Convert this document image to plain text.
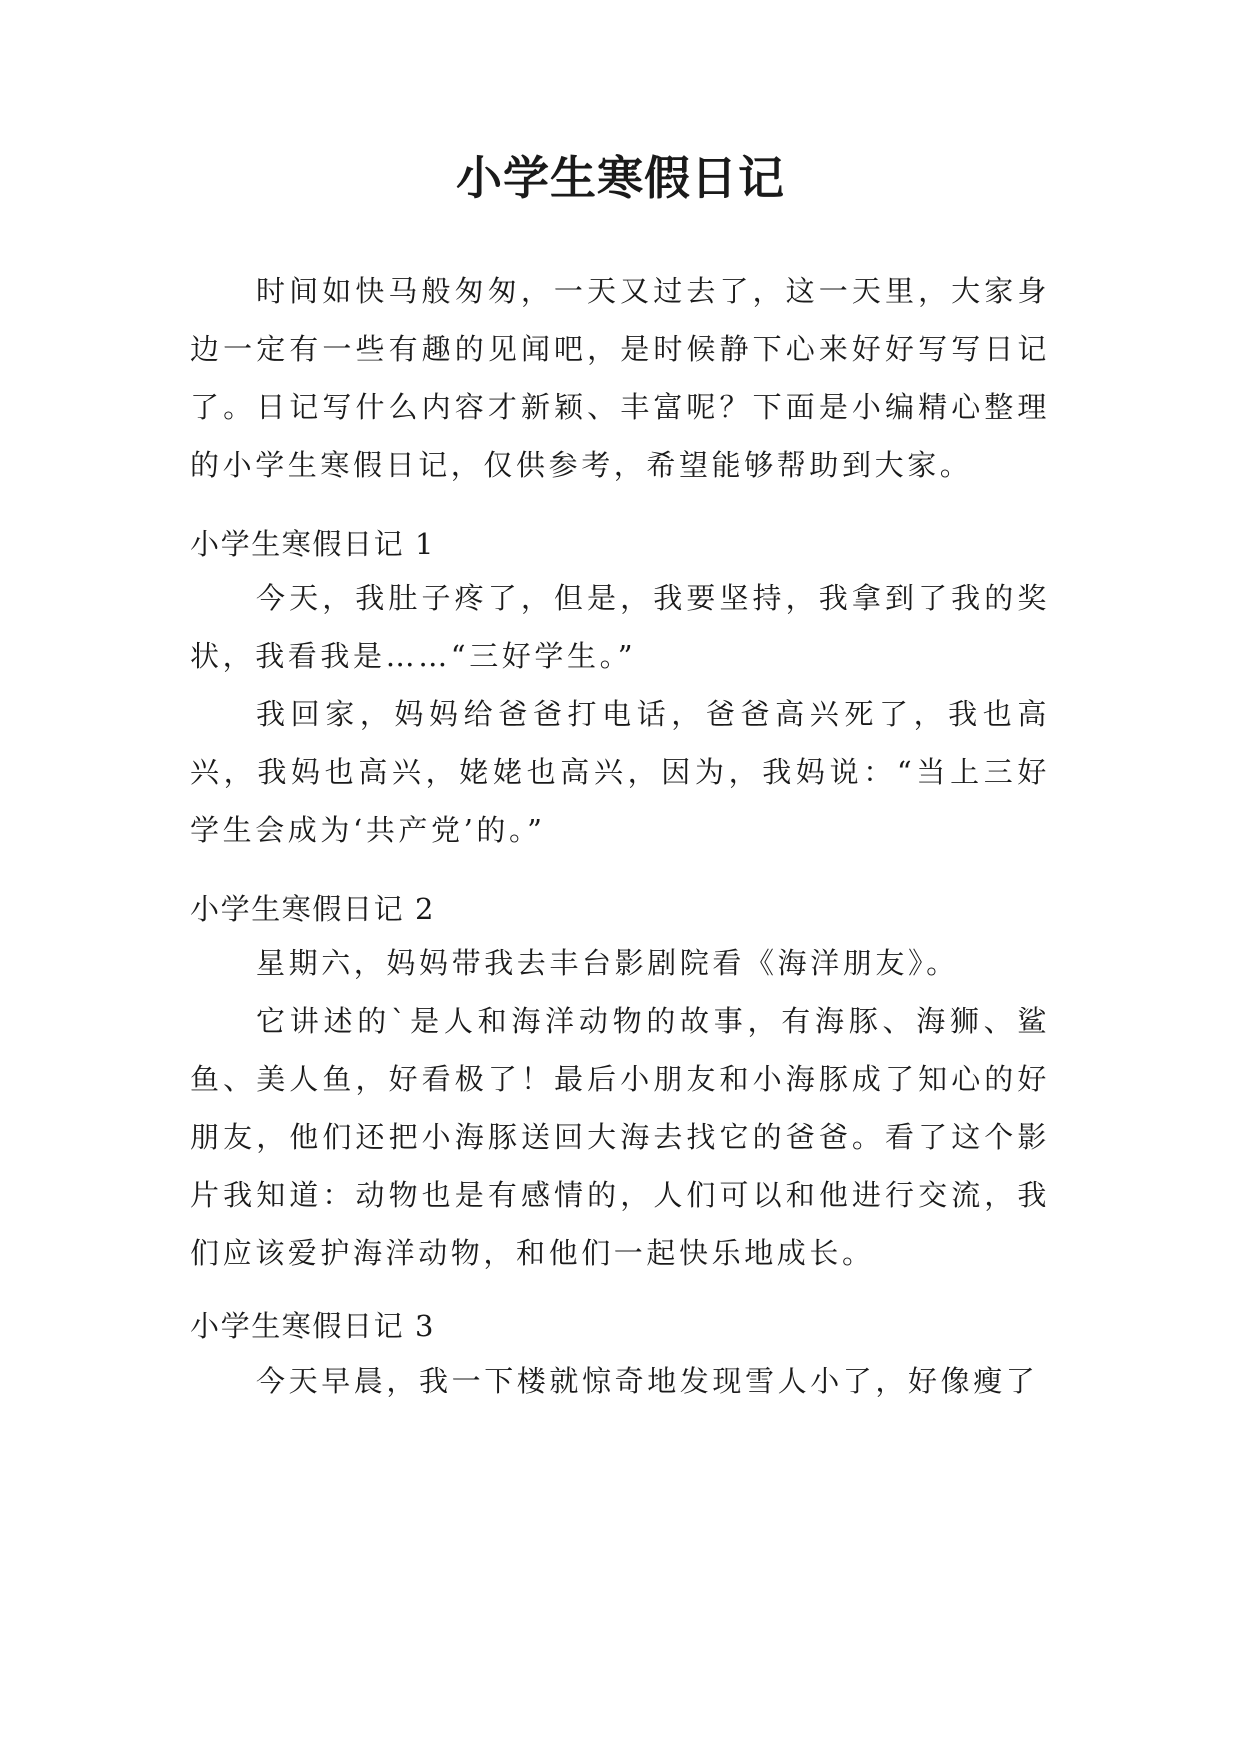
小学生寒假日记

时间如快马般匆匆，一天又过去了，这一天里，大家身边一定有一些有趣的见闻吧，是时候静下心来好好写写日记了。日记写什么内容才新颖、丰富呢？下面是小编精心整理的小学生寒假日记，仅供参考，希望能够帮助到大家。

小学生寒假日记 1

今天，我肚子疼了，但是，我要坚持，我拿到了我的奖状，我看我是……“三好学生。”

我回家，妈妈给爸爸打电话，爸爸高兴死了，我也高兴，我妈也高兴，姥姥也高兴，因为，我妈说：“当上三好学生会成为‘共产党’的。”

小学生寒假日记 2

星期六，妈妈带我去丰台影剧院看《海洋朋友》。

它讲述的`是人和海洋动物的故事，有海豚、海狮、鲨鱼、美人鱼，好看极了！最后小朋友和小海豚成了知心的好朋友，他们还把小海豚送回大海去找它的爸爸。看了这个影片我知道：动物也是有感情的，人们可以和他进行交流，我们应该爱护海洋动物，和他们一起快乐地成长。

小学生寒假日记 3

今天早晨，我一下楼就惊奇地发现雪人小了，好像瘦了
